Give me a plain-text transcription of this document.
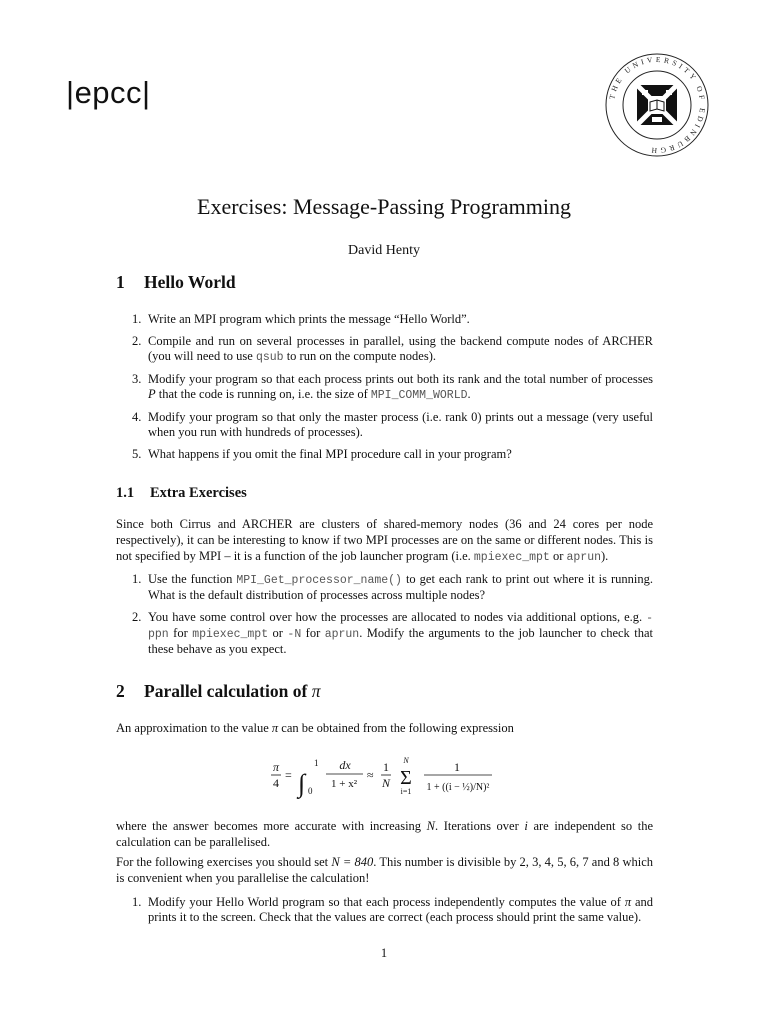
|epcc|	THE UNIVERSITY OF EDINBURGH
Exercises: Message-Passing Programming
David Henty
1 Hello World
1. Write an MPI program which prints the message “Hello World”.
2. Compile and run on several processes in parallel, using the backend compute nodes of ARCHER (you will need to use qsub to run on the compute nodes).
3. Modify your program so that each process prints out both its rank and the total number of processes P that the code is running on, i.e. the size of MPI_COMM_WORLD.
4. Modify your program so that only the master process (i.e. rank 0) prints out a message (very useful when you run with hundreds of processes).
5. What happens if you omit the final MPI procedure call in your program?
1.1 Extra Exercises
Since both Cirrus and ARCHER are clusters of shared-memory nodes (36 and 24 cores per node respectively), it can be interesting to know if two MPI processes are on the same or different nodes. This is not specified by MPI – it is a function of the job launcher program (i.e. mpiexec_mpt or aprun).
1. Use the function MPI_Get_processor_name() to get each rank to print out where it is running. What is the default distribution of processes across multiple nodes?
2. You have some control over how the processes are allocated to nodes via additional options, e.g. -ppn for mpiexec_mpt or -N for aprun. Modify the arguments to the job launcher to check that these behave as you expect.
2 Parallel calculation of π
An approximation to the value π can be obtained from the following expression
π
4
= ∫
1
0
dx
1 + x²
≈
1
N
N
Σ
i=1
1
1 + ((i − ½)/N)²
where the answer becomes more accurate with increasing N. Iterations over i are independent so the calculation can be parallelised.
For the following exercises you should set N = 840. This number is divisible by 2, 3, 4, 5, 6, 7 and 8 which is convenient when you parallelise the calculation!
1. Modify your Hello World program so that each process independently computes the value of π and prints it to the screen. Check that the values are correct (each process should print the same value).
1
